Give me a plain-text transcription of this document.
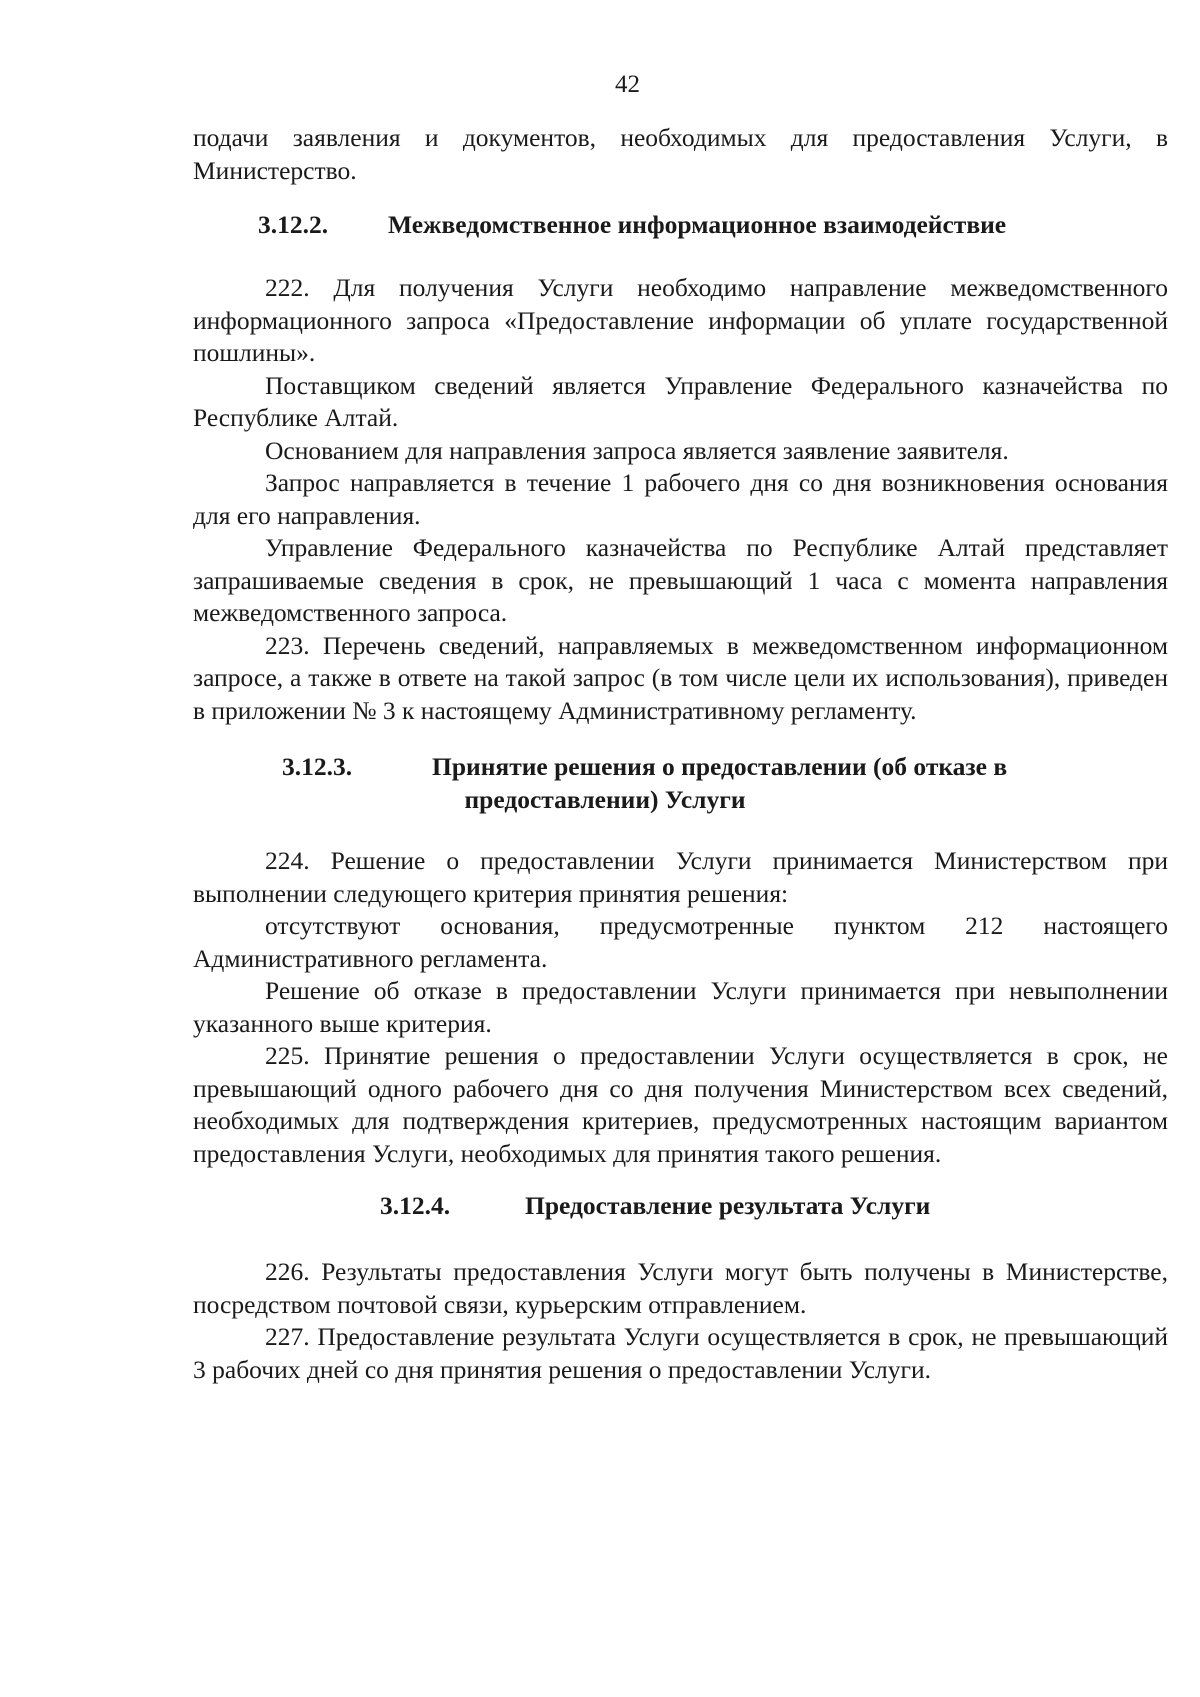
42

подачи заявления и документов, необходимых для предоставления Услуги, в Министерство.

3.12.2. Межведомственное информационное взаимодействие

222. Для получения Услуги необходимо направление межведомственного информационного запроса «Предоставление информации об уплате государственной пошлины».

Поставщиком сведений является Управление Федерального казначейства по Республике Алтай.

Основанием для направления запроса является заявление заявителя.

Запрос направляется в течение 1 рабочего дня со дня возникновения основания для его направления.

Управление Федерального казначейства по Республике Алтай представляет запрашиваемые сведения в срок, не превышающий 1 часа с момента направления межведомственного запроса.

223. Перечень сведений, направляемых в межведомственном информационном запросе, а также в ответе на такой запрос (в том числе цели их использования), приведен в приложении № 3 к настоящему Административному регламенту.

3.12.3.	Принятие решения о предоставлении (об отказе в
предоставлении) Услуги

224. Решение о предоставлении Услуги принимается Министерством при выполнении следующего критерия принятия решения:

отсутствуют основания, предусмотренные пунктом 212 настоящего Административного регламента.

Решение об отказе в предоставлении Услуги принимается при невыполнении указанного выше критерия.

225. Принятие решения о предоставлении Услуги осуществляется в срок, не превышающий одного рабочего дня со дня получения Министерством всех сведений, необходимых для подтверждения критериев, предусмотренных настоящим вариантом предоставления Услуги, необходимых для принятия такого решения.

3.12.4.	Предоставление результата Услуги

226. Результаты предоставления Услуги могут быть получены в Министерстве, посредством почтовой связи, курьерским отправлением.

227. Предоставление результата Услуги осуществляется в срок, не превышающий 3 рабочих дней со дня принятия решения о предоставлении Услуги.
